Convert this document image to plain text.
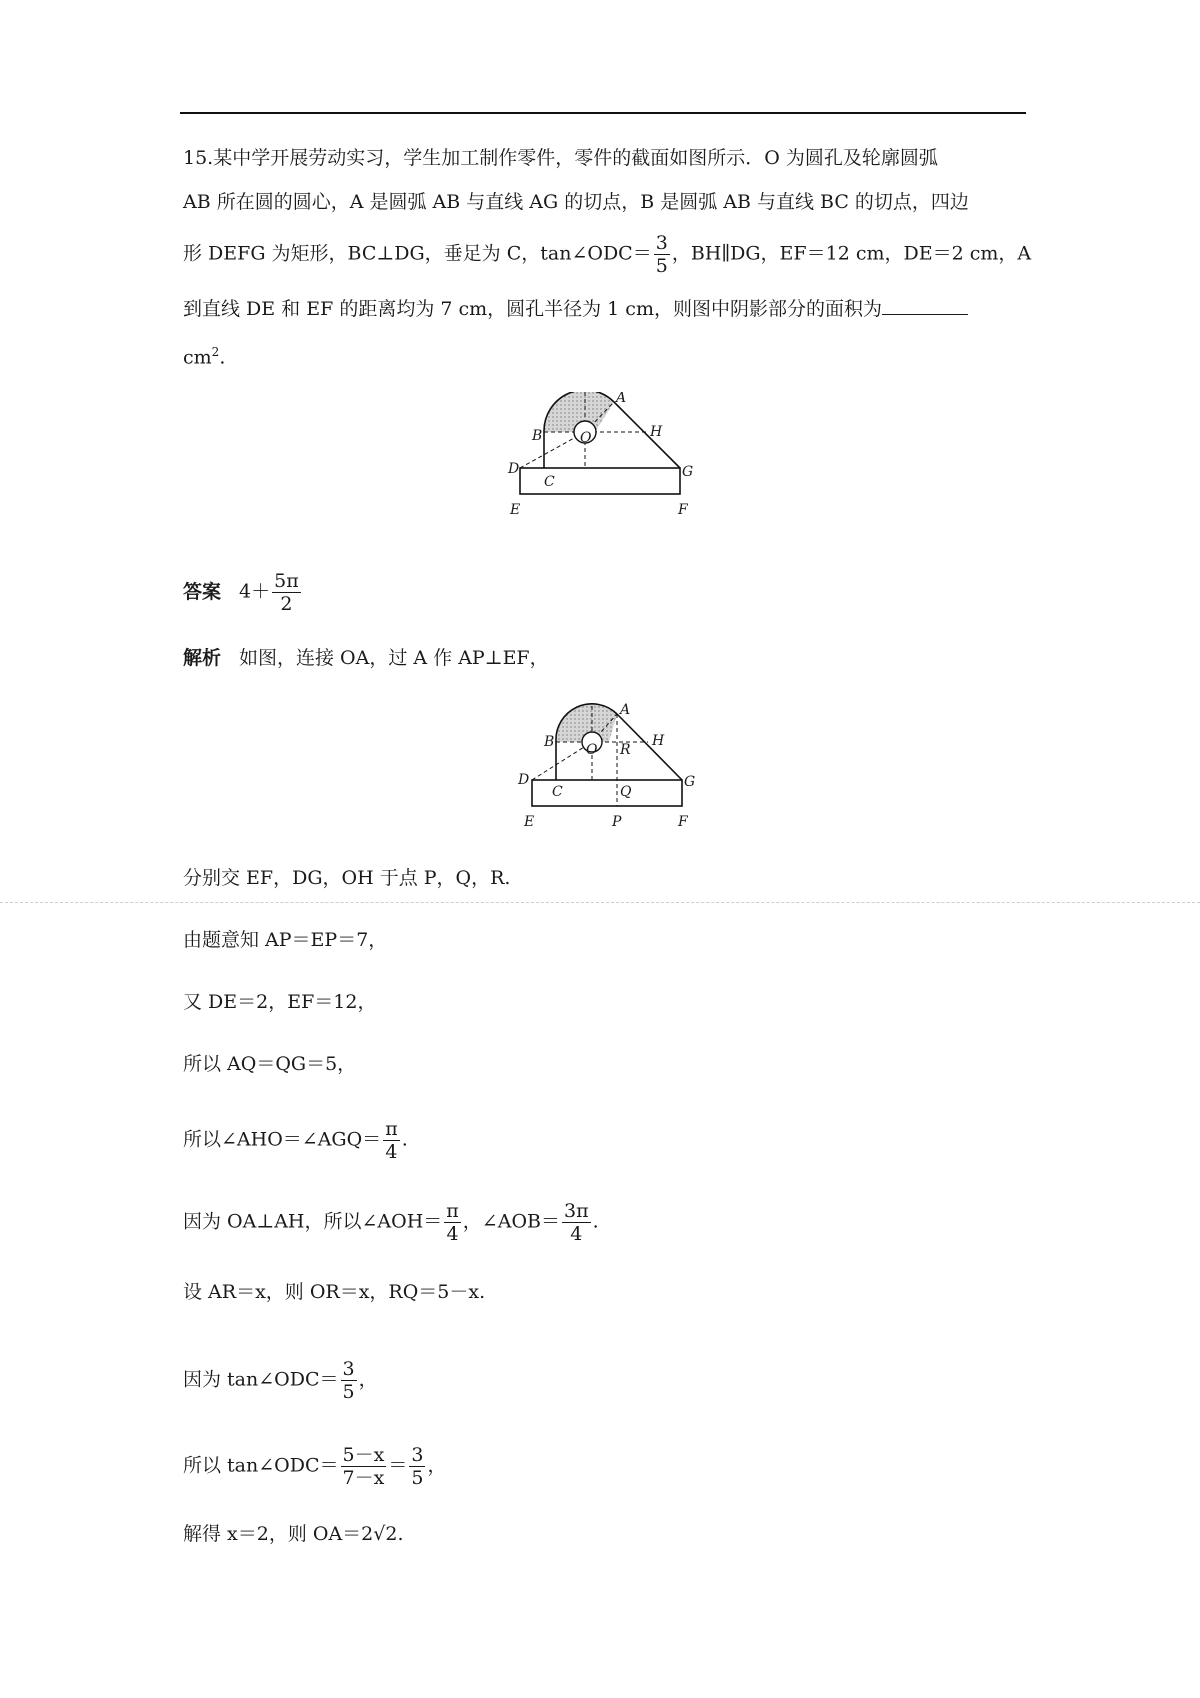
15.某中学开展劳动实习，学生加工制作零件，零件的截面如图所示．O 为圆孔及轮廓圆弧
AB 所在圆的圆心，A 是圆弧 AB 与直线 AG 的切点，B 是圆弧 AB 与直线 BC 的切点，四边
形 DEFG 为矩形，BC⊥DG，垂足为 C，tan∠ODC＝ $\frac{3}{5}$ ，BH∥DG，EF＝12 cm，DE＝2 cm，A
到直线 DE 和 EF 的距离均为 7 cm，圆孔半径为 1 cm，则图中阴影部分的面积为
$cm^2$.
A
B	H
O
D
C
G
E	F
答案 $4+ \frac{5\pi}{2}$
解析 如图，连接 OA，过 A 作 AP⊥EF，
A
B	H
O R
D
C	Q
G
E	P	F
分别交 EF，DG，OH 于点 P，Q，R.
由题意知 AP＝EP＝7，
又 DE＝2，EF＝12，
所以 AQ＝QG＝5，
所以∠AHO＝∠AGQ＝ $\frac{\pi}{4}$ .
因为 OA⊥AH，所以∠AOH＝ $\frac{\pi}{4}$ ，∠AOB＝ $\frac{3\pi}{4}$ .
设 AR＝x，则 OR＝x，RQ＝5－x.
因为 tan∠ODC＝ $\frac{3}{5}$ ，
所以 tan∠ODC＝ $\frac{5-x}{7-x} = \frac{3}{5}$ ，
解得 x＝2，则 OA＝2√2.
